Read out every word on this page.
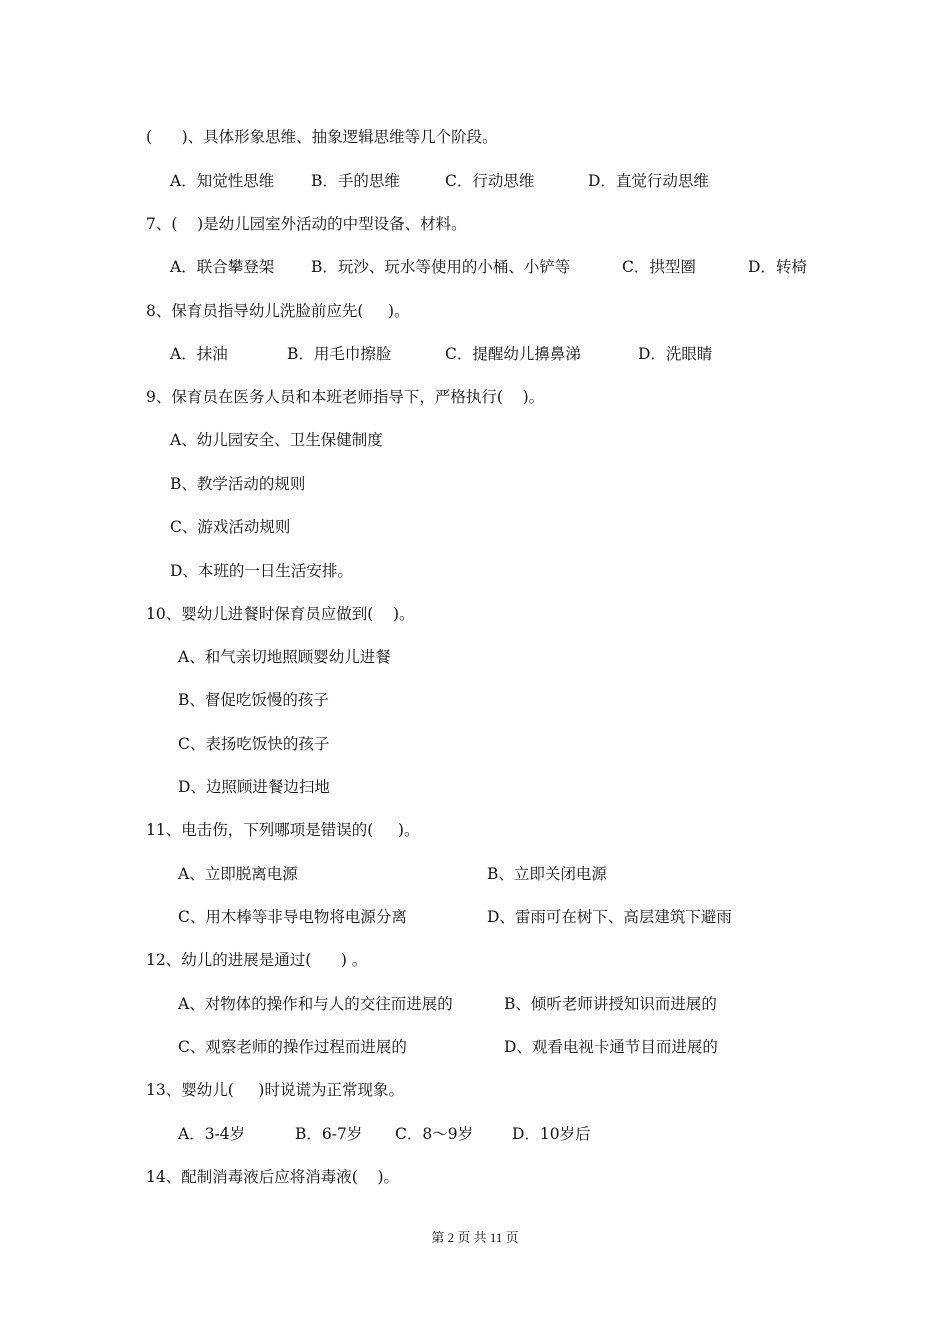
(      )、具体形象思维、抽象逻辑思维等几个阶段。
A．知觉性思维 B．手的思维	C．行动思维	D．直觉行动思维
7、(    )是幼儿园室外活动的中型设备、材料。
A．联合攀登架 B．玩沙、玩水等使用的小桶、小铲等	C．拱型圈	D．转椅
8、保育员指导幼儿洗脸前应先(     )。
A．抹油	B．用毛巾擦脸	C．提醒幼儿擤鼻涕	D．洗眼睛
9、保育员在医务人员和本班老师指导下，严格执行(    )。
A、幼儿园安全、卫生保健制度
B、教学活动的规则
C、游戏活动规则
D、本班的一日生活安排。
10、婴幼儿进餐时保育员应做到(    )。
A、和气亲切地照顾婴幼儿进餐
B、督促吃饭慢的孩子
C、表扬吃饭快的孩子
D、边照顾进餐边扫地
11、电击伤，下列哪项是错误的(     )。
A、立即脱离电源	B、立即关闭电源
C、用木棒等非导电物将电源分离	D、雷雨可在树下、高层建筑下避雨
12、幼儿的进展是通过(      ) 。
A、对物体的操作和与人的交往而进展的	B、倾听老师讲授知识而进展的
C、观察老师的操作过程而进展的	D、观看电视卡通节目而进展的
13、婴幼儿(     )时说谎为正常现象。
A．3-4岁	B．6-7岁 C．8～9岁	D．10岁后
14、配制消毒液后应将消毒液(    )。
第 2 页 共 11 页
